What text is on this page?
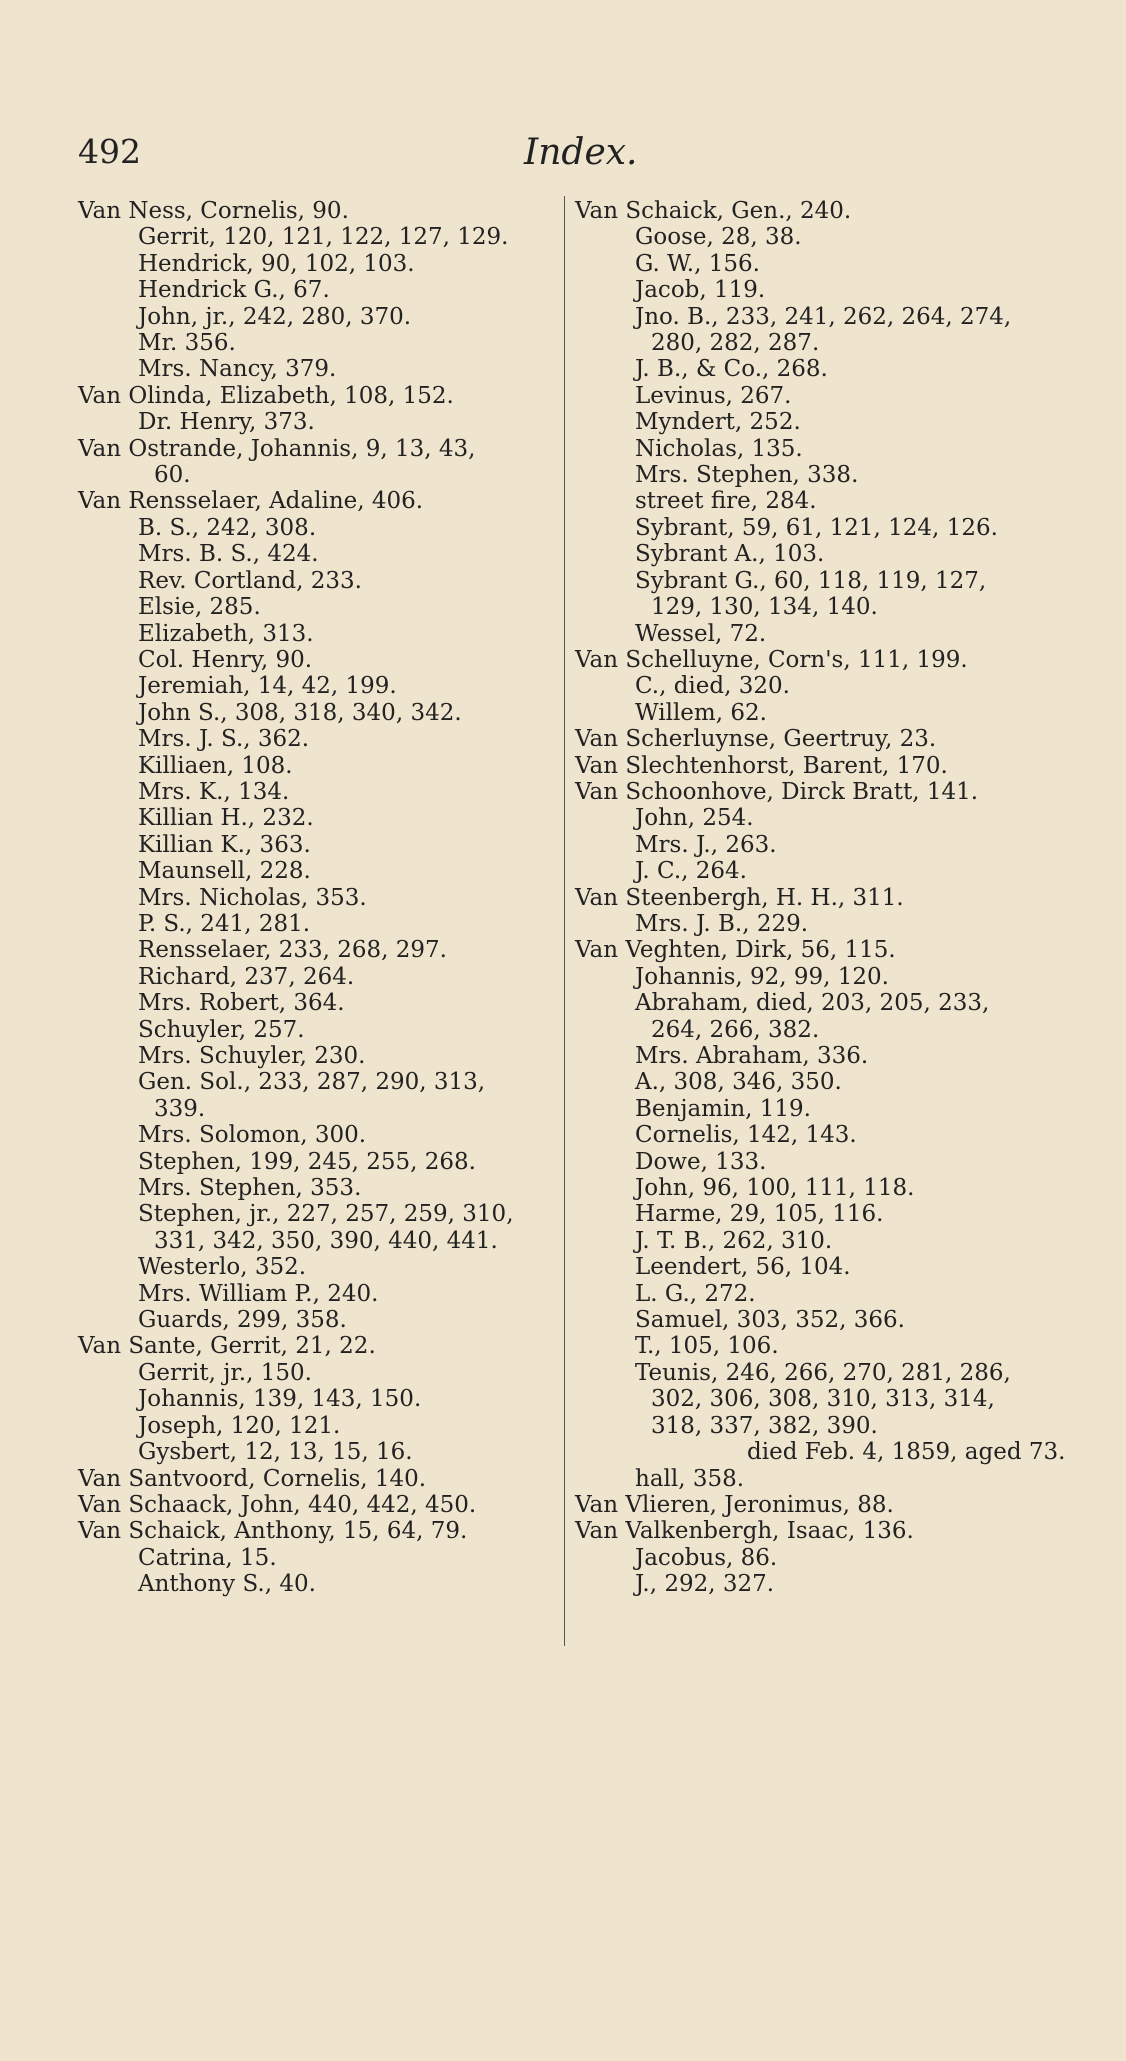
492	Index.
Van Ness, Cornelis, 90.
Gerrit, 120, 121, 122, 127, 129.
Hendrick, 90, 102, 103.
Hendrick G., 67.
John, jr., 242, 280, 370.
Mr. 356.
Mrs. Nancy, 379.
Van Olinda, Elizabeth, 108, 152.
Dr. Henry, 373.
Van Ostrande, Johannis, 9, 13, 43,
60.
Van Rensselaer, Adaline, 406.
B. S., 242, 308.
Mrs. B. S., 424.
Rev. Cortland, 233.
Elsie, 285.
Elizabeth, 313.
Col. Henry, 90.
Jeremiah, 14, 42, 199.
John S., 308, 318, 340, 342.
Mrs. J. S., 362.
Killiaen, 108.
Mrs. K., 134.
Killian H., 232.
Killian K., 363.
Maunsell, 228.
Mrs. Nicholas, 353.
P. S., 241, 281.
Rensselaer, 233, 268, 297.
Richard, 237, 264.
Mrs. Robert, 364.
Schuyler, 257.
Mrs. Schuyler, 230.
Gen. Sol., 233, 287, 290, 313,
339.
Mrs. Solomon, 300.
Stephen, 199, 245, 255, 268.
Mrs. Stephen, 353.
Stephen, jr., 227, 257, 259, 310,
331, 342, 350, 390, 440, 441.
Westerlo, 352.
Mrs. William P., 240.
Guards, 299, 358.
Van Sante, Gerrit, 21, 22.
Gerrit, jr., 150.
Johannis, 139, 143, 150.
Joseph, 120, 121.
Gysbert, 12, 13, 15, 16.
Van Santvoord, Cornelis, 140.
Van Schaack, John, 440, 442, 450.
Van Schaick, Anthony, 15, 64, 79.
Catrina, 15.
Anthony S., 40.
Van Schaick, Gen., 240.
Goose, 28, 38.
G. W., 156.
Jacob, 119.
Jno. B., 233, 241, 262, 264, 274,
280, 282, 287.
J. B., & Co., 268.
Levinus, 267.
Myndert, 252.
Nicholas, 135.
Mrs. Stephen, 338.
street fire, 284.
Sybrant, 59, 61, 121, 124, 126.
Sybrant A., 103.
Sybrant G., 60, 118, 119, 127,
129, 130, 134, 140.
Wessel, 72.
Van Schelluyne, Corn's, 111, 199.
C., died, 320.
Willem, 62.
Van Scherluynse, Geertruy, 23.
Van Slechtenhorst, Barent, 170.
Van Schoonhove, Dirck Bratt, 141.
John, 254.
Mrs. J., 263.
J. C., 264.
Van Steenbergh, H. H., 311.
Mrs. J. B., 229.
Van Veghten, Dirk, 56, 115.
Johannis, 92, 99, 120.
Abraham, died, 203, 205, 233,
264, 266, 382.
Mrs. Abraham, 336.
A., 308, 346, 350.
Benjamin, 119.
Cornelis, 142, 143.
Dowe, 133.
John, 96, 100, 111, 118.
Harme, 29, 105, 116.
J. T. B., 262, 310.
Leendert, 56, 104.
L. G., 272.
Samuel, 303, 352, 366.
T., 105, 106.
Teunis, 246, 266, 270, 281, 286,
302, 306, 308, 310, 313, 314,
318, 337, 382, 390.
died Feb. 4, 1859, aged 73.
hall, 358.
Van Vlieren, Jeronimus, 88.
Van Valkenbergh, Isaac, 136.
Jacobus, 86.
J., 292, 327.
